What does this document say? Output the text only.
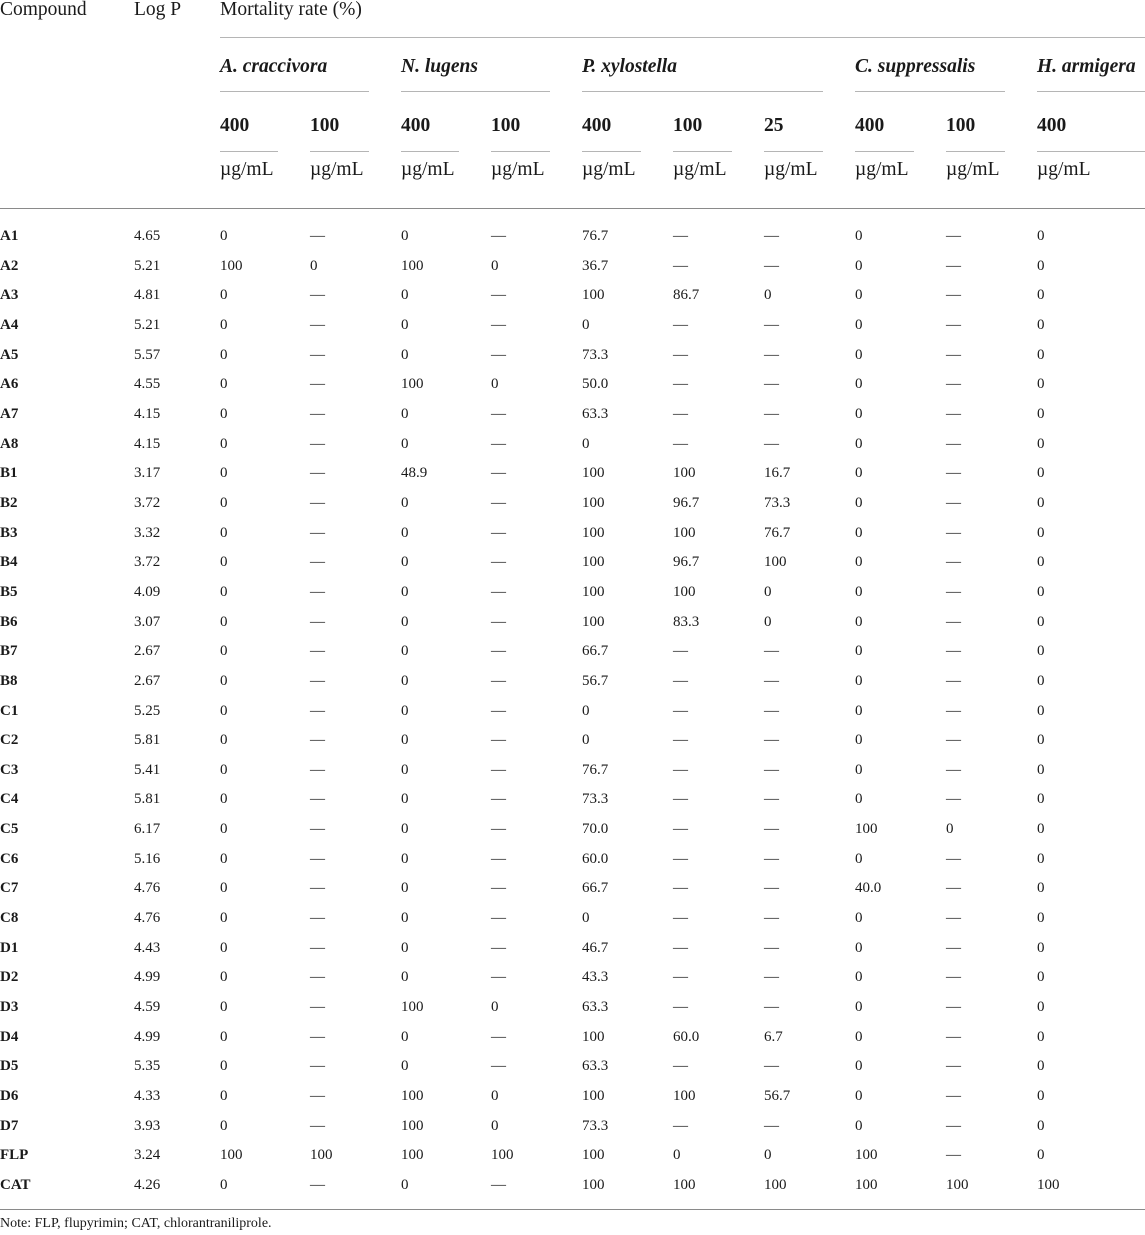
Compound	Log P	Mortality rate (%)									

		A. craccivora		N. lugens		P. xylostella			C. suppressalis		H. armigera

		400	100	400	100	400	100	25	400	100	400

		µg/mL	µg/mL	µg/mL	µg/mL	µg/mL	µg/mL	µg/mL	µg/mL	µg/mL	µg/mL
A1	4.65	0	—	0	—	76.7	—	—	0	—	0
A2	5.21	100	0	100	0	36.7	—	—	0	—	0
A3	4.81	0	—	0	—	100	86.7	0	0	—	0
A4	5.21	0	—	0	—	0	—	—	0	—	0
A5	5.57	0	—	0	—	73.3	—	—	0	—	0
A6	4.55	0	—	100	0	50.0	—	—	0	—	0
A7	4.15	0	—	0	—	63.3	—	—	0	—	0
A8	4.15	0	—	0	—	0	—	—	0	—	0
B1	3.17	0	—	48.9	—	100	100	16.7	0	—	0
B2	3.72	0	—	0	—	100	96.7	73.3	0	—	0
B3	3.32	0	—	0	—	100	100	76.7	0	—	0
B4	3.72	0	—	0	—	100	96.7	100	0	—	0
B5	4.09	0	—	0	—	100	100	0	0	—	0
B6	3.07	0	—	0	—	100	83.3	0	0	—	0
B7	2.67	0	—	0	—	66.7	—	—	0	—	0
B8	2.67	0	—	0	—	56.7	—	—	0	—	0
C1	5.25	0	—	0	—	0	—	—	0	—	0
C2	5.81	0	—	0	—	0	—	—	0	—	0
C3	5.41	0	—	0	—	76.7	—	—	0	—	0
C4	5.81	0	—	0	—	73.3	—	—	0	—	0
C5	6.17	0	—	0	—	70.0	—	—	100	0	0
C6	5.16	0	—	0	—	60.0	—	—	0	—	0
C7	4.76	0	—	0	—	66.7	—	—	40.0	—	0
C8	4.76	0	—	0	—	0	—	—	0	—	0
D1	4.43	0	—	0	—	46.7	—	—	0	—	0
D2	4.99	0	—	0	—	43.3	—	—	0	—	0
D3	4.59	0	—	100	0	63.3	—	—	0	—	0
D4	4.99	0	—	0	—	100	60.0	6.7	0	—	0
D5	5.35	0	—	0	—	63.3	—	—	0	—	0
D6	4.33	0	—	100	0	100	100	56.7	0	—	0
D7	3.93	0	—	100	0	73.3	—	—	0	—	0
FLP	3.24	100	100	100	100	100	0	0	100	—	0
CAT	4.26	0	—	0	—	100	100	100	100	100	100
Note: FLP, flupyrimin; CAT, chlorantraniliprole.
